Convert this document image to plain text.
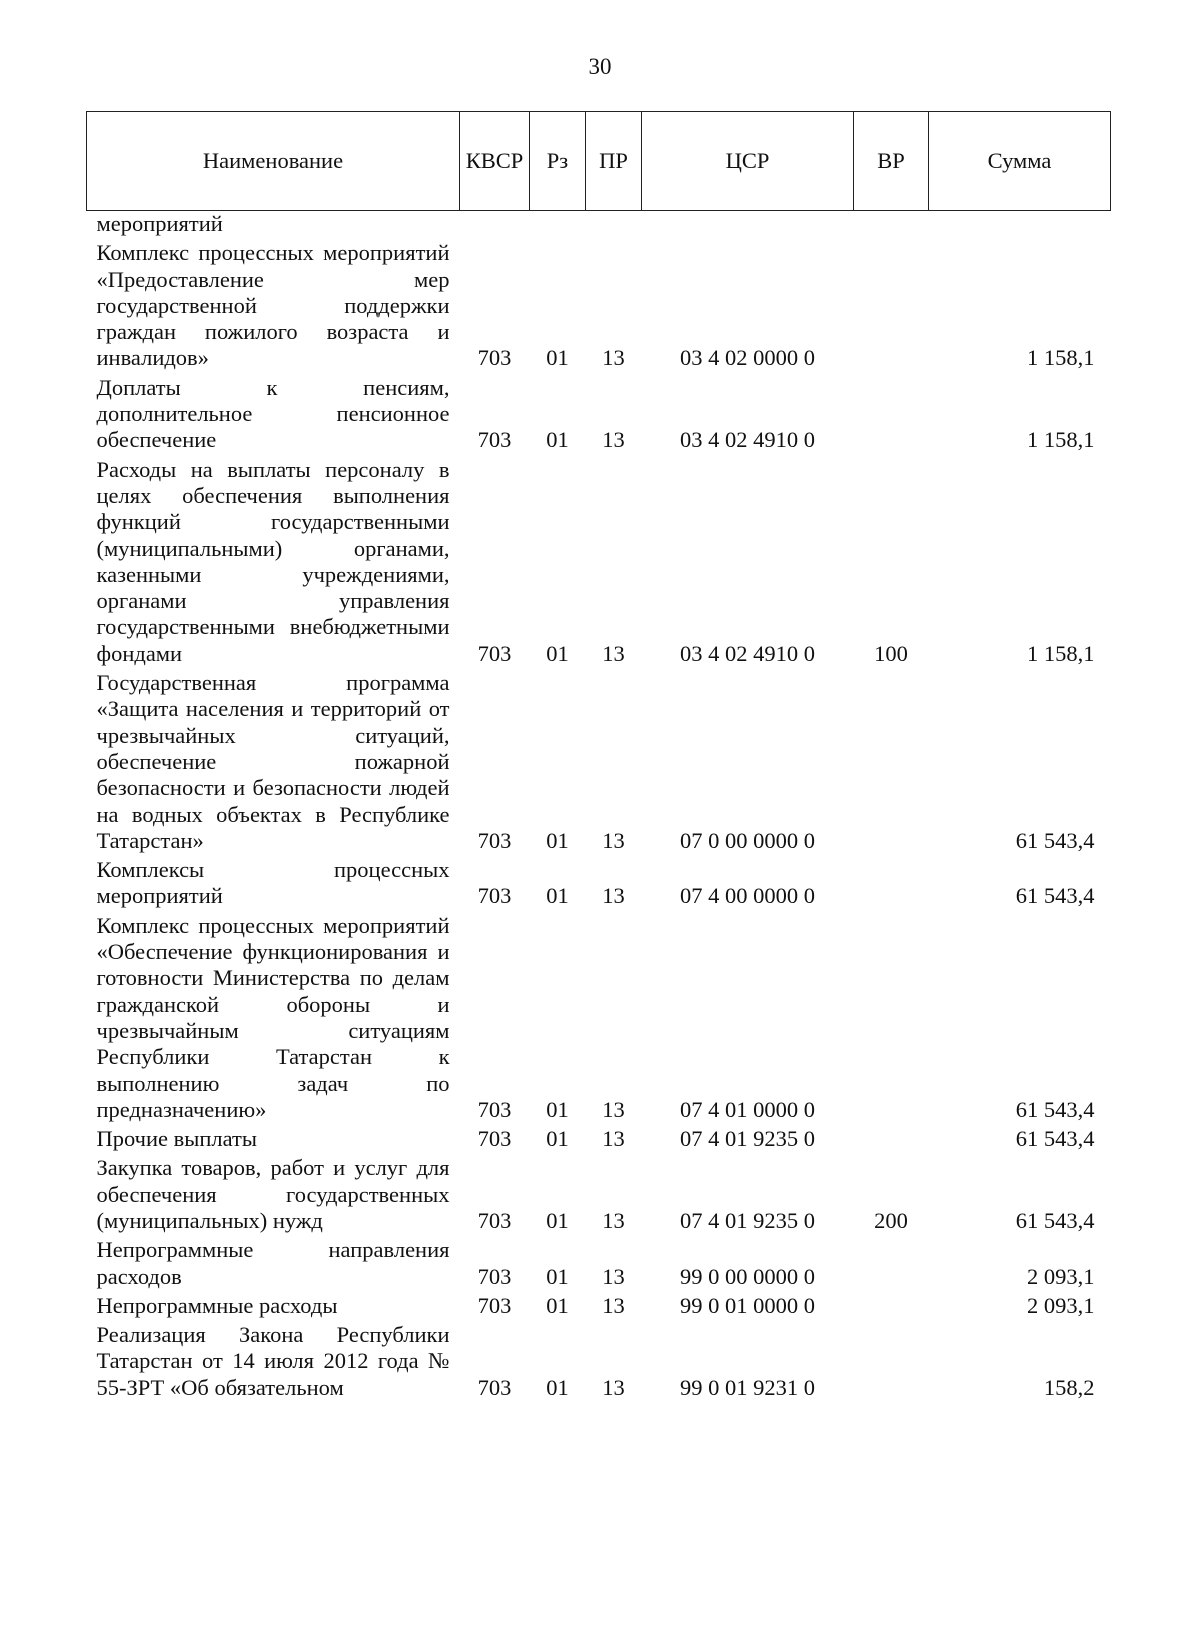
30
Наименование	КВСР	Рз	ПР	ЦСР	ВР	Сумма
мероприятий						
Комплекс процессных мероприятий «Предоставление мер государственной поддержки граждан пожилого возраста и инвалидов»	703	01	13	03 4 02 0000 0		1 158,1
Доплаты к пенсиям, дополнительное пенсионное обеспечение	703	01	13	03 4 02 4910 0		1 158,1
Расходы на выплаты персоналу в целях обеспечения выполнения функций государственными (муниципальными) органами, казенными учреждениями, органами управления государственными внебюджетными фондами	703	01	13	03 4 02 4910 0	100	1 158,1
Государственная программа «Защита населения и территорий от чрезвычайных ситуаций, обеспечение пожарной безопасности и безопасности людей на водных объектах в Республике Татарстан»	703	01	13	07 0 00 0000 0		61 543,4
Комплексы процессных мероприятий	703	01	13	07 4 00 0000 0		61 543,4
Комплекс процессных мероприятий «Обеспечение функционирования и готовности Министерства по делам гражданской обороны и чрезвычайным ситуациям Республики Татарстан к выполнению задач по предназначению»	703	01	13	07 4 01 0000 0		61 543,4
Прочие выплаты	703	01	13	07 4 01 9235 0		61 543,4
Закупка товаров, работ и услуг для обеспечения государственных (муниципальных) нужд	703	01	13	07 4 01 9235 0	200	61 543,4
Непрограммные направления расходов	703	01	13	99 0 00 0000 0		2 093,1
Непрограммные расходы	703	01	13	99 0 01 0000 0		2 093,1
Реализация Закона Республики Татарстан от 14 июля 2012 года № 55-ЗРТ «Об обязательном	703	01	13	99 0 01 9231 0		158,2
